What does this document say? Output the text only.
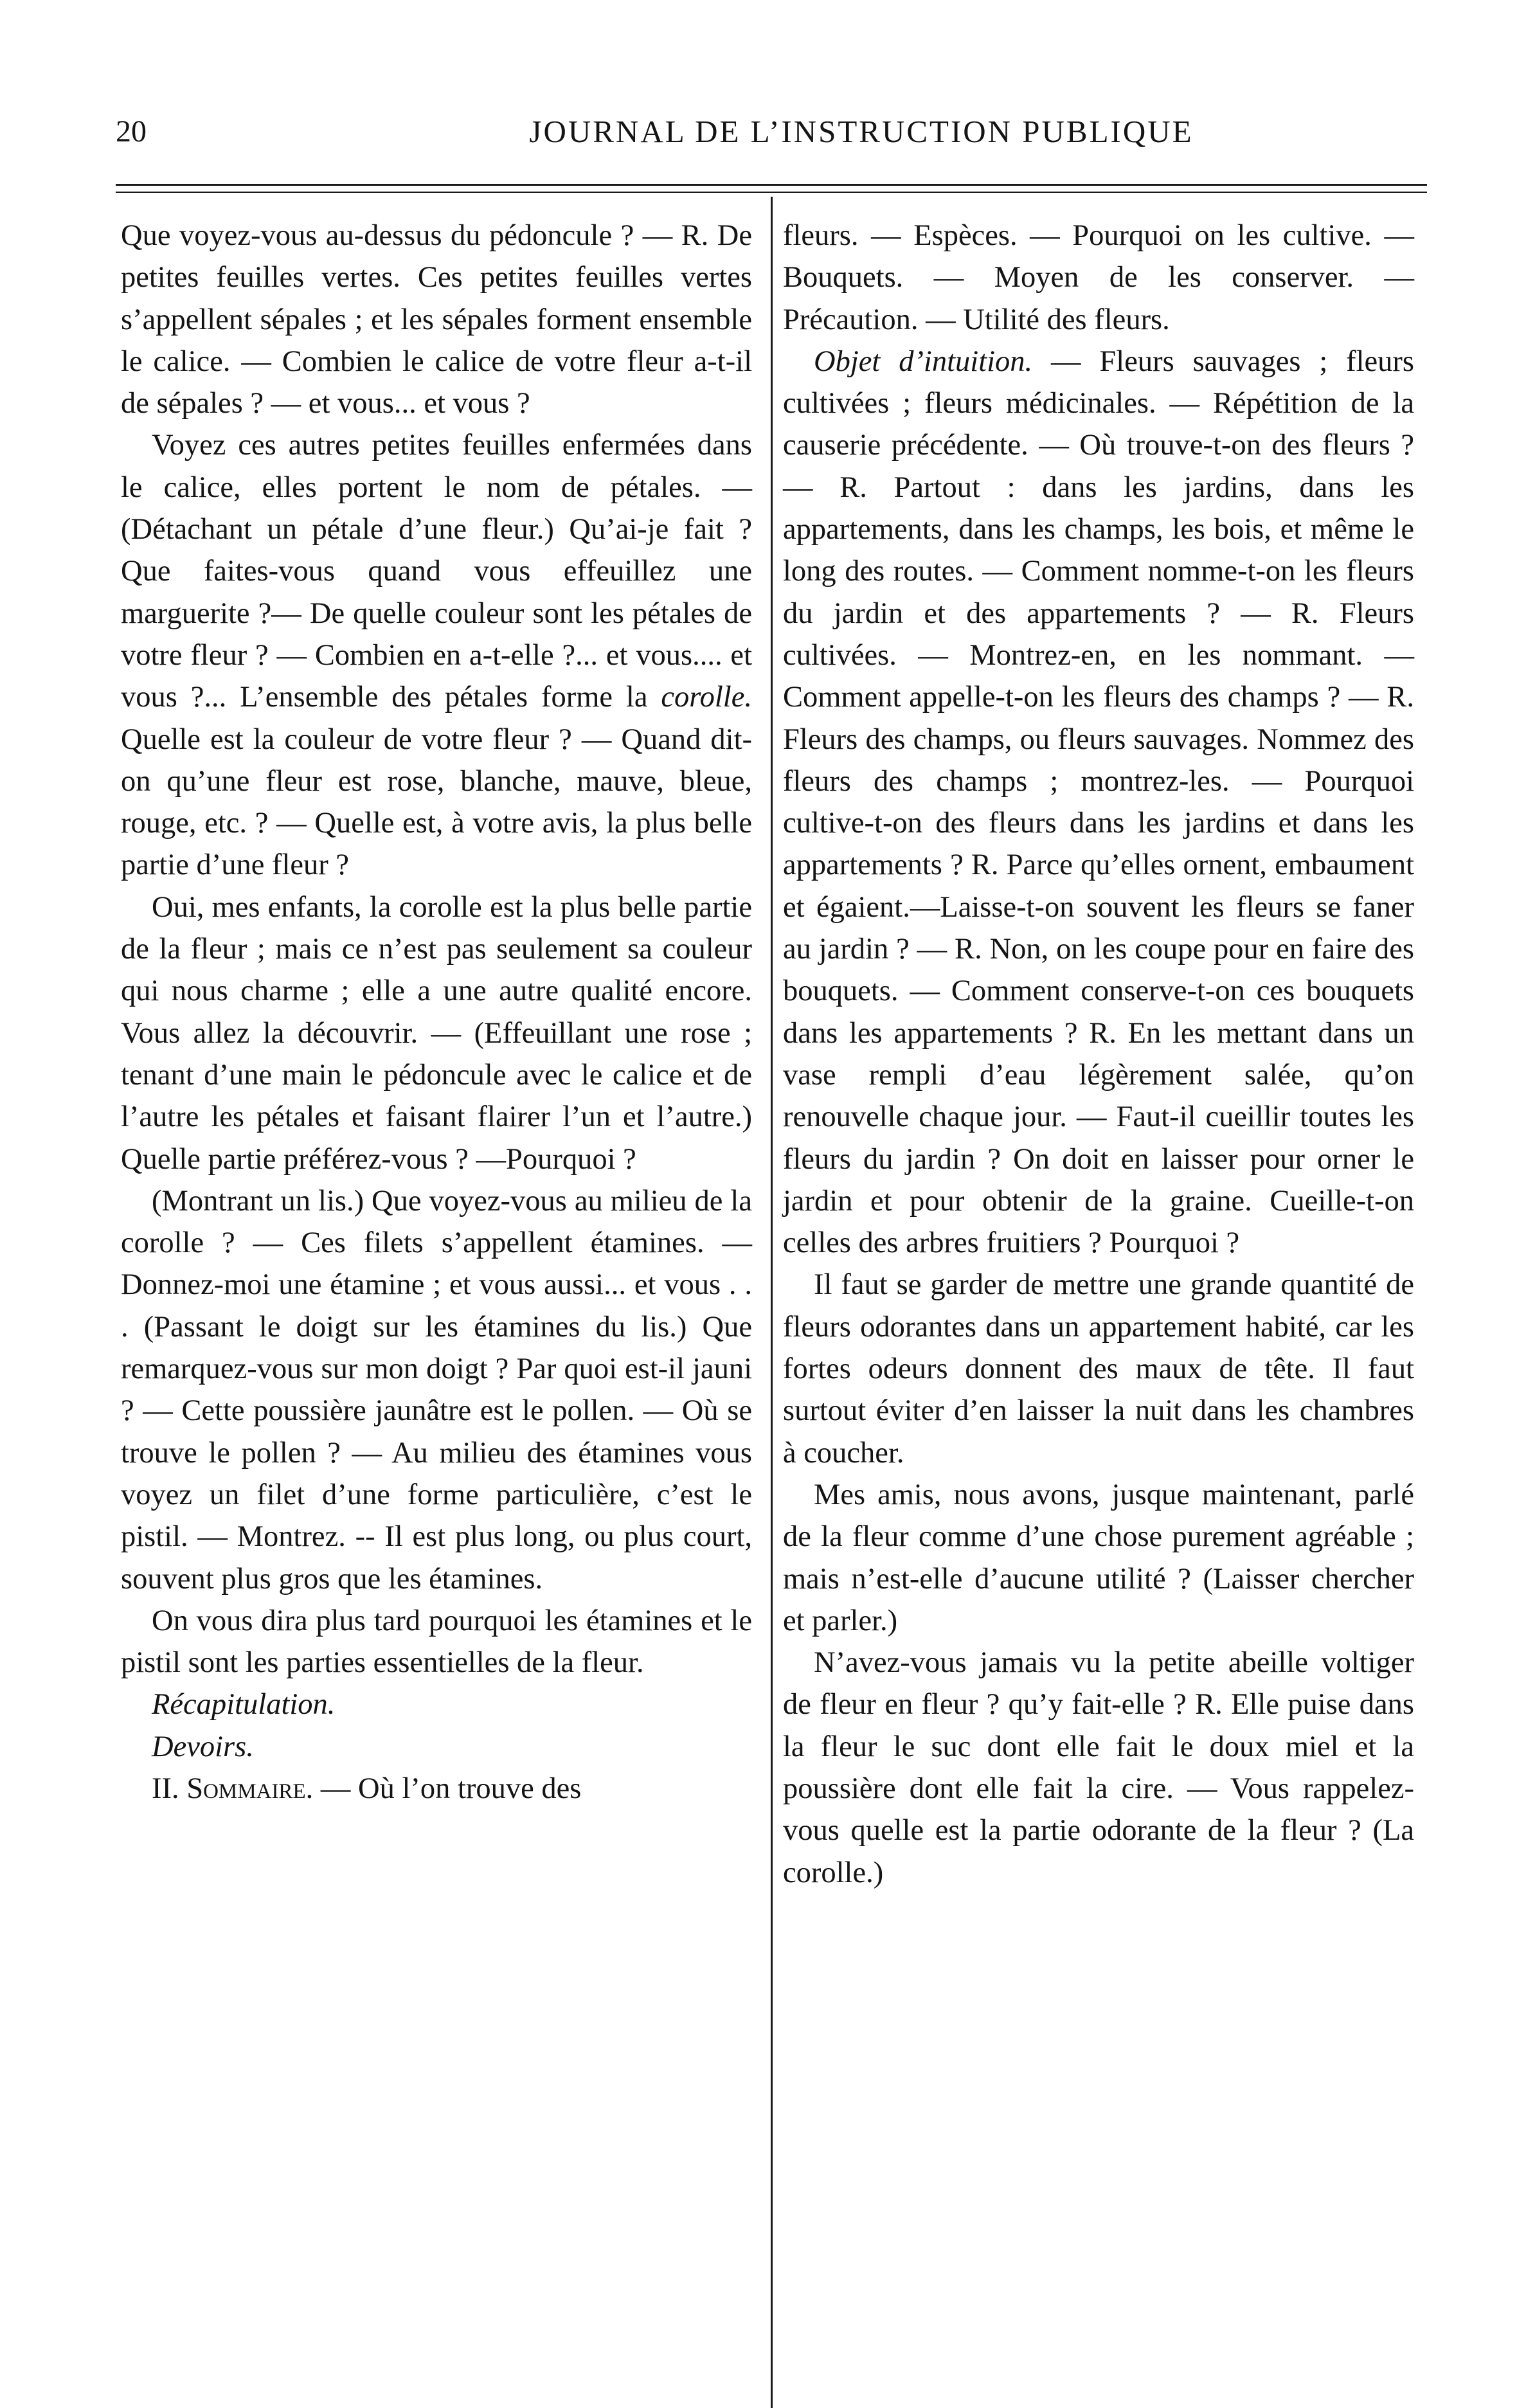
20	JOURNAL DE L’INSTRUCTION PUBLIQUE

Que voyez-vous au-dessus du pédoncule ? — R. De petites feuilles vertes. Ces petites feuilles vertes s’appellent sépales ; et les sépales forment ensemble le calice. — Combien le calice de votre fleur a-t-il de sépales ? — et vous... et vous ?

Voyez ces autres petites feuilles enfermées dans le calice, elles portent le nom de pétales. — (Détachant un pétale d’une fleur.) Qu’ai-je fait ? Que faites-vous quand vous effeuillez une marguerite ?— De quelle couleur sont les pétales de votre fleur ? — Combien en a-t-elle ?... et vous.... et vous ?... L’ensemble des pétales forme la corolle. Quelle est la couleur de votre fleur ? — Quand dit-on qu’une fleur est rose, blanche, mauve, bleue, rouge, etc. ? — Quelle est, à votre avis, la plus belle partie d’une fleur ?

Oui, mes enfants, la corolle est la plus belle partie de la fleur ; mais ce n’est pas seulement sa couleur qui nous charme ; elle a une autre qualité encore. Vous allez la découvrir. — (Effeuillant une rose ; tenant d’une main le pédoncule avec le calice et de l’autre les pétales et faisant flairer l’un et l’autre.) Quelle partie préférez-vous ? —Pourquoi ?

(Montrant un lis.) Que voyez-vous au milieu de la corolle ? — Ces filets s’appellent étamines. —Donnez-moi une étamine ; et vous aussi... et vous . . . (Passant le doigt sur les étamines du lis.) Que remarquez-vous sur mon doigt ? Par quoi est-il jauni ? — Cette poussière jaunâtre est le pollen. — Où se trouve le pollen ? — Au milieu des étamines vous voyez un filet d’une forme particulière, c’est le pistil. — Montrez. -- Il est plus long, ou plus court, souvent plus gros que les étamines.

On vous dira plus tard pourquoi les étamines et le pistil sont les parties essentielles de la fleur.

Récapitulation.

Devoirs.

II. Sommaire. — Où l’on trouve des

fleurs. — Espèces. — Pourquoi on les cultive. — Bouquets. — Moyen de les conserver. — Précaution. — Utilité des fleurs.

Objet d’intuition. — Fleurs sauvages ; fleurs cultivées ; fleurs médicinales. — Répétition de la causerie précédente. — Où trouve-t-on des fleurs ? — R. Partout : dans les jardins, dans les appartements, dans les champs, les bois, et même le long des routes. — Comment nomme-t-on les fleurs du jardin et des appartements ? — R. Fleurs cultivées. — Montrez-en, en les nommant. — Comment appelle-t-on les fleurs des champs ? — R. Fleurs des champs, ou fleurs sauvages. Nommez des fleurs des champs ; montrez-les. — Pourquoi cultive-t-on des fleurs dans les jardins et dans les appartements ? R. Parce qu’elles ornent, embaument et égaient.—Laisse-t-on souvent les fleurs se faner au jardin ? — R. Non, on les coupe pour en faire des bouquets. — Comment conserve-t-on ces bouquets dans les appartements ? R. En les mettant dans un vase rempli d’eau légèrement salée, qu’on renouvelle chaque jour. — Faut-il cueillir toutes les fleurs du jardin ? On doit en laisser pour orner le jardin et pour obtenir de la graine. Cueille-t-on celles des arbres fruitiers ? Pourquoi ?

Il faut se garder de mettre une grande quantité de fleurs odorantes dans un appartement habité, car les fortes odeurs donnent des maux de tête. Il faut surtout éviter d’en laisser la nuit dans les chambres à coucher.

Mes amis, nous avons, jusque maintenant, parlé de la fleur comme d’une chose purement agréable ; mais n’est-elle d’aucune utilité ? (Laisser chercher et parler.)

N’avez-vous jamais vu la petite abeille voltiger de fleur en fleur ? qu’y fait-elle ? R. Elle puise dans la fleur le suc dont elle fait le doux miel et la poussière dont elle fait la cire. — Vous rappelez-vous quelle est la partie odorante de la fleur ? (La corolle.)
